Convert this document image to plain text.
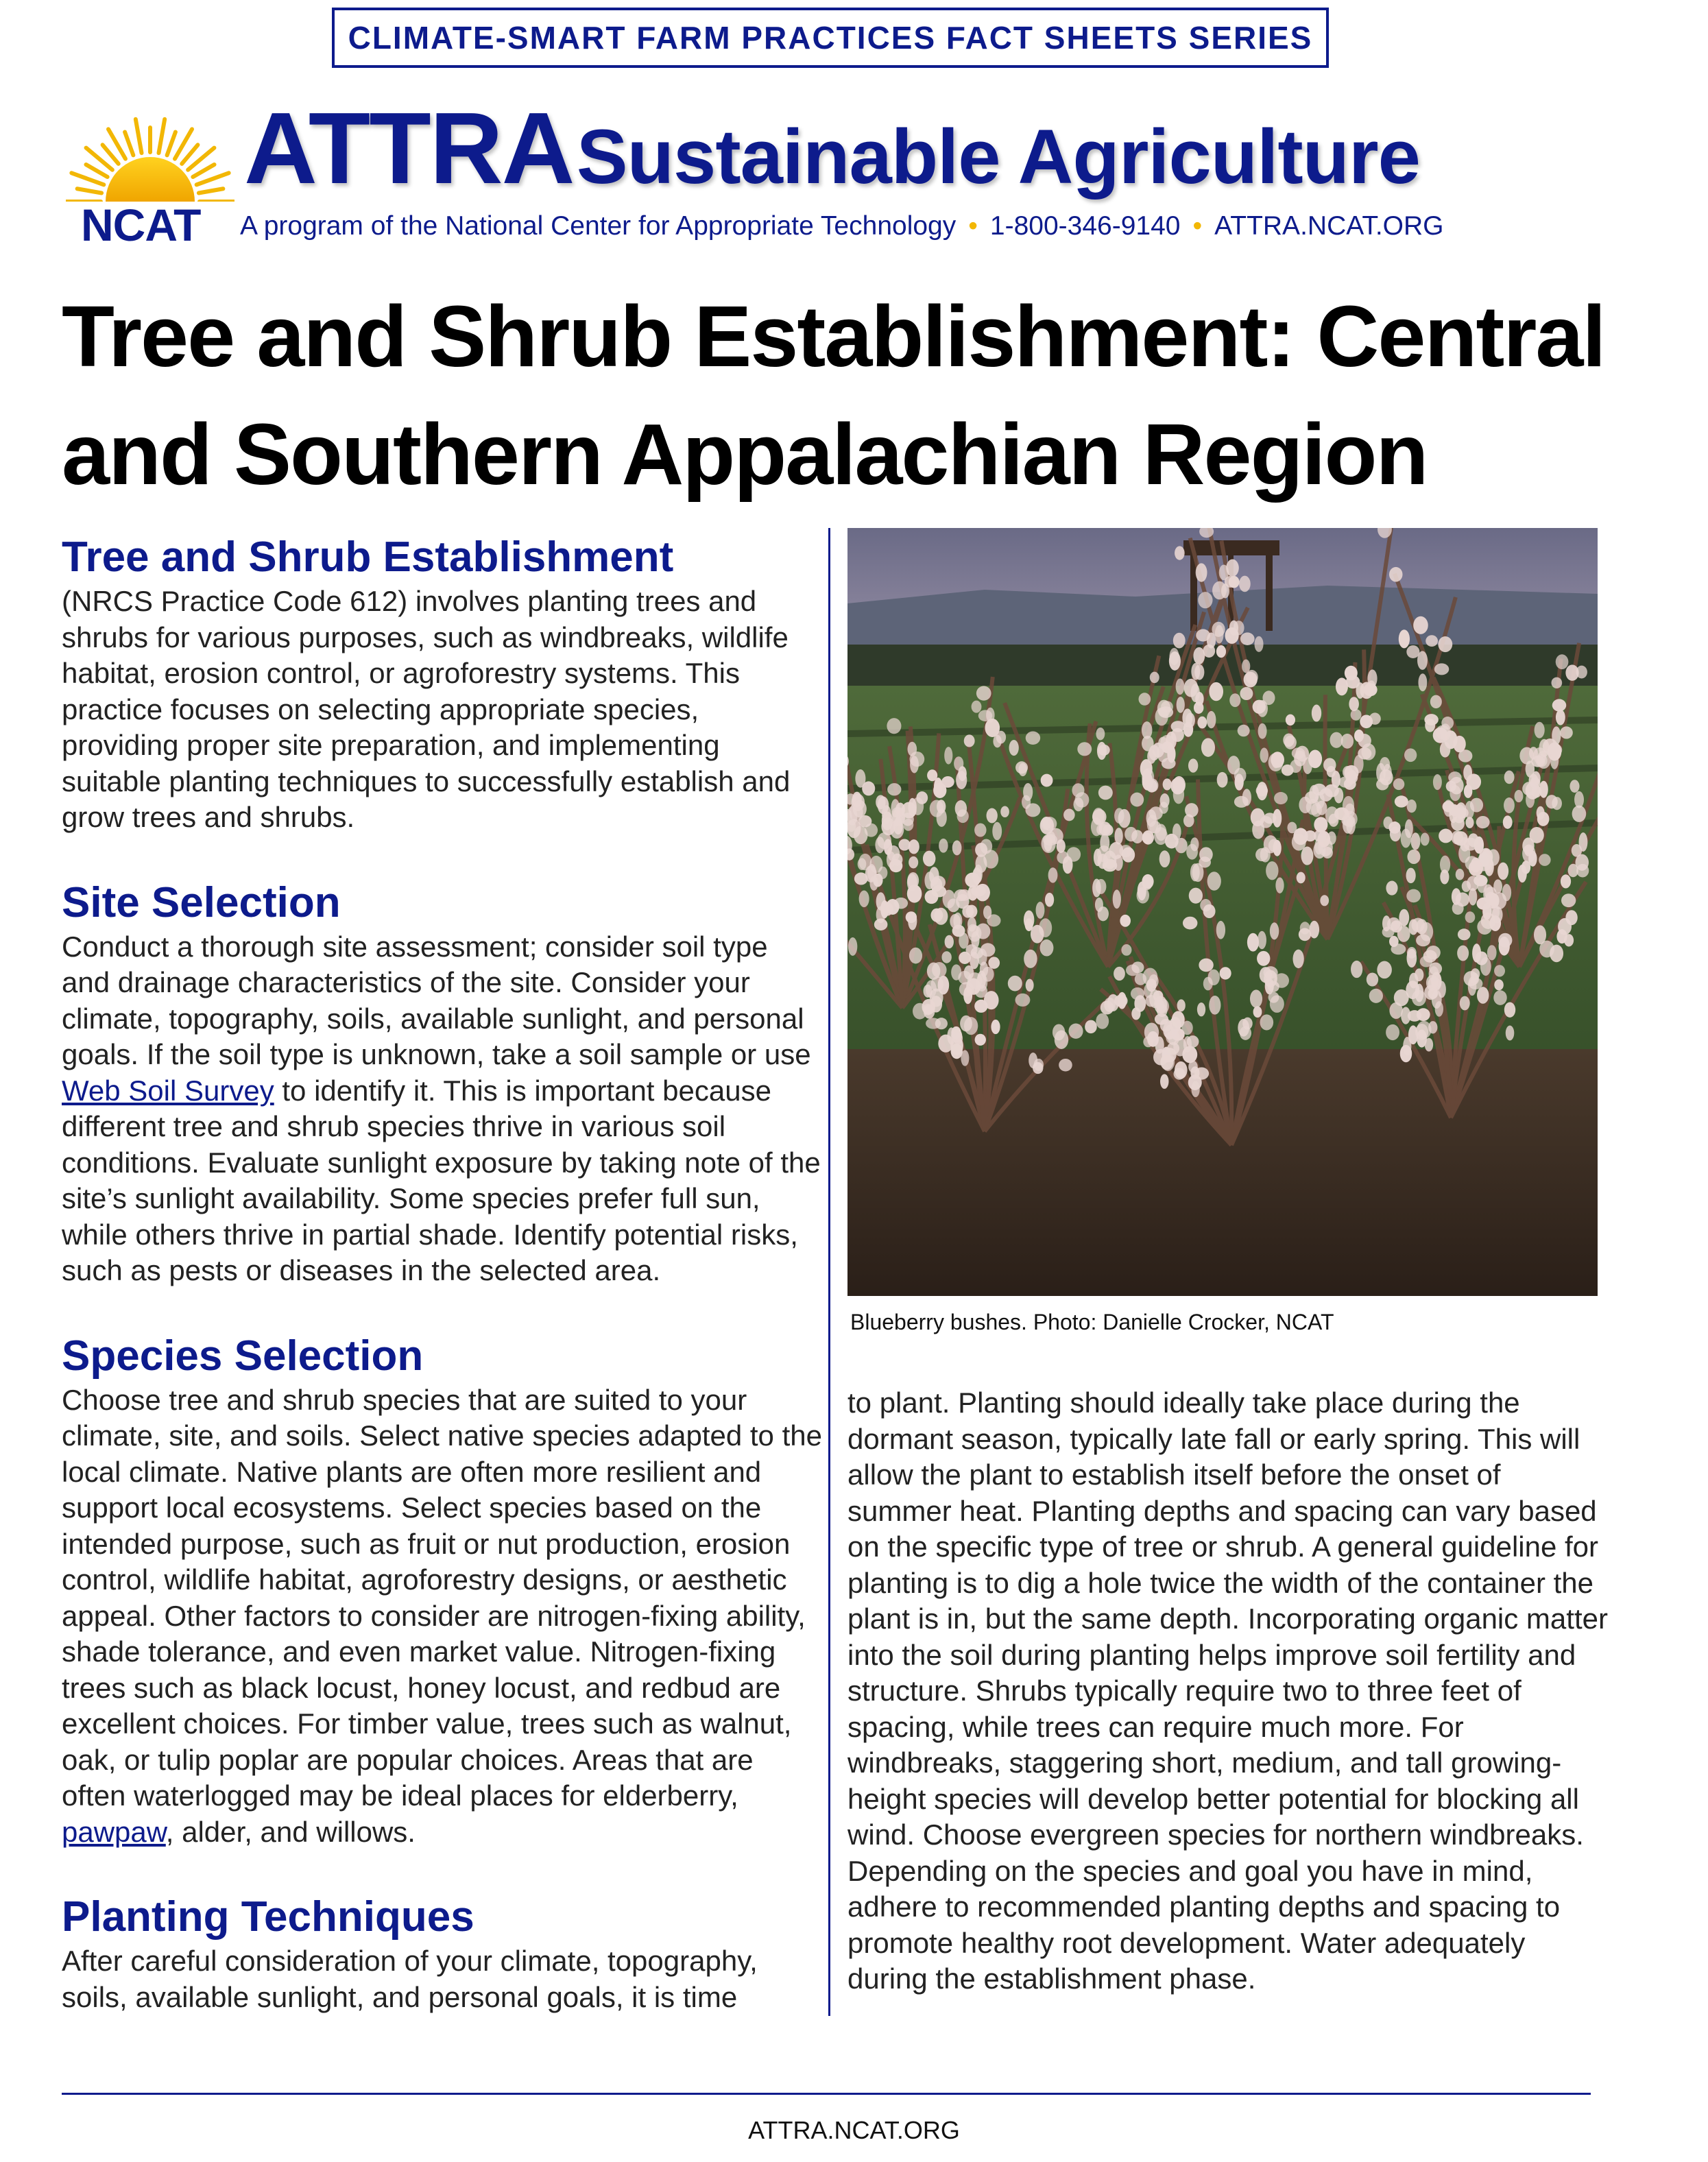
CLIMATE-SMART FARM PRACTICES FACT SHEETS SERIES
NCAT
ATTRA Sustainable Agriculture
A program of the National Center for Appropriate Technology • 1-800-346-9140 • ATTRA.NCAT.ORG
Tree and Shrub Establishment: Central and Southern Appalachian Region
Tree and Shrub Establishment

(NRCS Practice Code 612) involves planting trees and shrubs for various purposes, such as windbreaks, wildlife habitat, erosion control, or agroforestry systems. This practice focuses on selecting appropriate species, providing proper site preparation, and implementing suitable planting techniques to successfully establish and grow trees and shrubs.

Site Selection

Conduct a thorough site assessment; consider soil type and drainage characteristics of the site. Consider your climate, topography, soils, available sunlight, and personal goals. If the soil type is unknown, take a soil sample or use Web Soil Survey to identify it. This is important because different tree and shrub species thrive in various soil conditions. Evaluate sunlight exposure by taking note of the site’s sunlight availability. Some species prefer full sun, while others thrive in partial shade. Identify potential risks, such as pests or diseases in the selected area.

Species Selection

Choose tree and shrub species that are suited to your climate, site, and soils. Select native species adapted to the local climate. Native plants are often more resilient and support local ecosystems. Select species based on the intended purpose, such as fruit or nut production, erosion control, wildlife habitat, agroforestry designs, or aesthetic appeal. Other factors to consider are nitrogen-fixing ability, shade tolerance, and even market value. Nitrogen-fixing trees such as black locust, honey locust, and redbud are excellent choices. For timber value, trees such as walnut, oak, or tulip poplar are popular choices. Areas that are often waterlogged may be ideal places for elderberry, pawpaw, alder, and willows.

Planting Techniques

After careful consideration of your climate, topography, soils, available sunlight, and personal goals, it is time

Blueberry bushes. Photo: Danielle Crocker, NCAT

to plant. Planting should ideally take place during the dormant season, typically late fall or early spring. This will allow the plant to establish itself before the onset of summer heat. Planting depths and spacing can vary based on the specific type of tree or shrub. A general guideline for planting is to dig a hole twice the width of the container the plant is in, but the same depth. Incorporating organic matter into the soil during planting helps improve soil fertility and structure. Shrubs typically require two to three feet of spacing, while trees can require much more. For windbreaks, staggering short, medium, and tall growing-height species will develop better potential for blocking all wind. Choose evergreen species for northern windbreaks. Depending on the species and goal you have in mind, adhere to recommended planting depths and spacing to promote healthy root development. Water adequately during the establishment phase.

ATTRA.NCAT.ORG
